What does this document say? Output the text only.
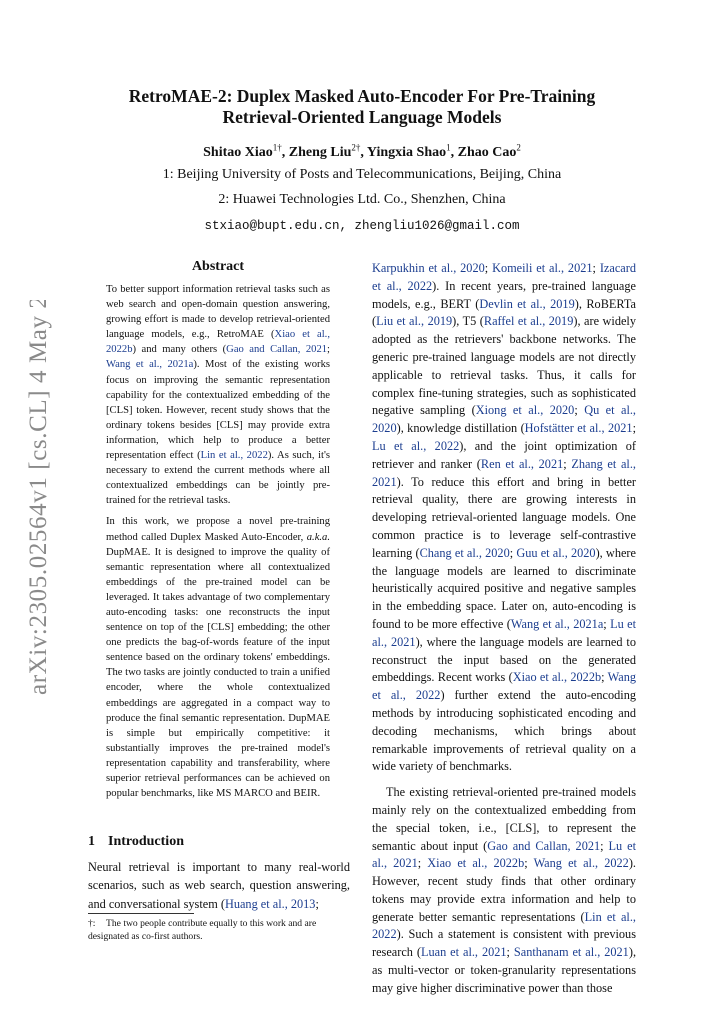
arXiv:2305.02564v1 [cs.CL] 4 May 2023
RetroMAE-2: Duplex Masked Auto-Encoder For Pre-Training
Retrieval-Oriented Language Models
Shitao Xiao$^{1\dagger}$, Zheng Liu$^{2\dagger}$, Yingxia Shao$^1$, Zhao Cao$^2$
1: Beijing University of Posts and Telecommunications, Beijing, China
2: Huawei Technologies Ltd. Co., Shenzhen, China
stxiao@bupt.edu.cn, zhengliu1026@gmail.com
Abstract

To better support information retrieval tasks such as web search and open-domain question answering, growing effort is made to develop retrieval-oriented language models, e.g., RetroMAE (Xiao et al., 2022b) and many others (Gao and Callan, 2021; Wang et al., 2021a). Most of the existing works focus on improving the semantic representation capability for the contextualized embedding of the [CLS] token. However, recent study shows that the ordinary tokens besides [CLS] may provide extra information, which help to produce a better representation effect (Lin et al., 2022). As such, it's necessary to extend the current methods where all contextualized embeddings can be jointly pre-trained for the retrieval tasks.

In this work, we propose a novel pre-training method called Duplex Masked Auto-Encoder, a.k.a. DupMAE. It is designed to improve the quality of semantic representation where all contextualized embeddings of the pre-trained model can be leveraged. It takes advantage of two complementary auto-encoding tasks: one reconstructs the input sentence on top of the [CLS] embedding; the other one predicts the bag-of-words feature of the input sentence based on the ordinary tokens' embeddings. The two tasks are jointly conducted to train a unified encoder, where the whole contextualized embeddings are aggregated in a compact way to produce the final semantic representation. DupMAE is simple but empirically competitive: it substantially improves the pre-trained model's representation capability and transferability, where superior retrieval performances can be achieved on popular benchmarks, like MS MARCO and BEIR.

1 Introduction

Neural retrieval is important to many real-world scenarios, such as web search, question answering, and conversational system (Huang et al., 2013;

†: The two people contribute equally to this work and are designated as co-first authors.

Karpukhin et al., 2020; Komeili et al., 2021; Izacard et al., 2022). In recent years, pre-trained language models, e.g., BERT (Devlin et al., 2019), RoBERTa (Liu et al., 2019), T5 (Raffel et al., 2019), are widely adopted as the retrievers' backbone networks. The generic pre-trained language models are not directly applicable to retrieval tasks. Thus, it calls for complex fine-tuning strategies, such as sophisticated negative sampling (Xiong et al., 2020; Qu et al., 2020), knowledge distillation (Hofstätter et al., 2021; Lu et al., 2022), and the joint optimization of retriever and ranker (Ren et al., 2021; Zhang et al., 2021). To reduce this effort and bring in better retrieval quality, there are growing interests in developing retrieval-oriented language models. One common practice is to leverage self-contrastive learning (Chang et al., 2020; Guu et al., 2020), where the language models are learned to discriminate heuristically acquired positive and negative samples in the embedding space. Later on, auto-encoding is found to be more effective (Wang et al., 2021a; Lu et al., 2021), where the language models are learned to reconstruct the input based on the generated embeddings. Recent works (Xiao et al., 2022b; Wang et al., 2022) further extend the auto-encoding methods by introducing sophisticated encoding and decoding mechanisms, which brings about remarkable improvements of retrieval quality on a wide variety of benchmarks.

The existing retrieval-oriented pre-trained models mainly rely on the contextualized embedding from the special token, i.e., [CLS], to represent the semantic about input (Gao and Callan, 2021; Lu et al., 2021; Xiao et al., 2022b; Wang et al., 2022). However, recent study finds that other ordinary tokens may provide extra information and help to generate better semantic representations (Lin et al., 2022). Such a statement is consistent with previous research (Luan et al., 2021; Santhanam et al., 2021), as multi-vector or token-granularity representations may give higher discriminative power than those
